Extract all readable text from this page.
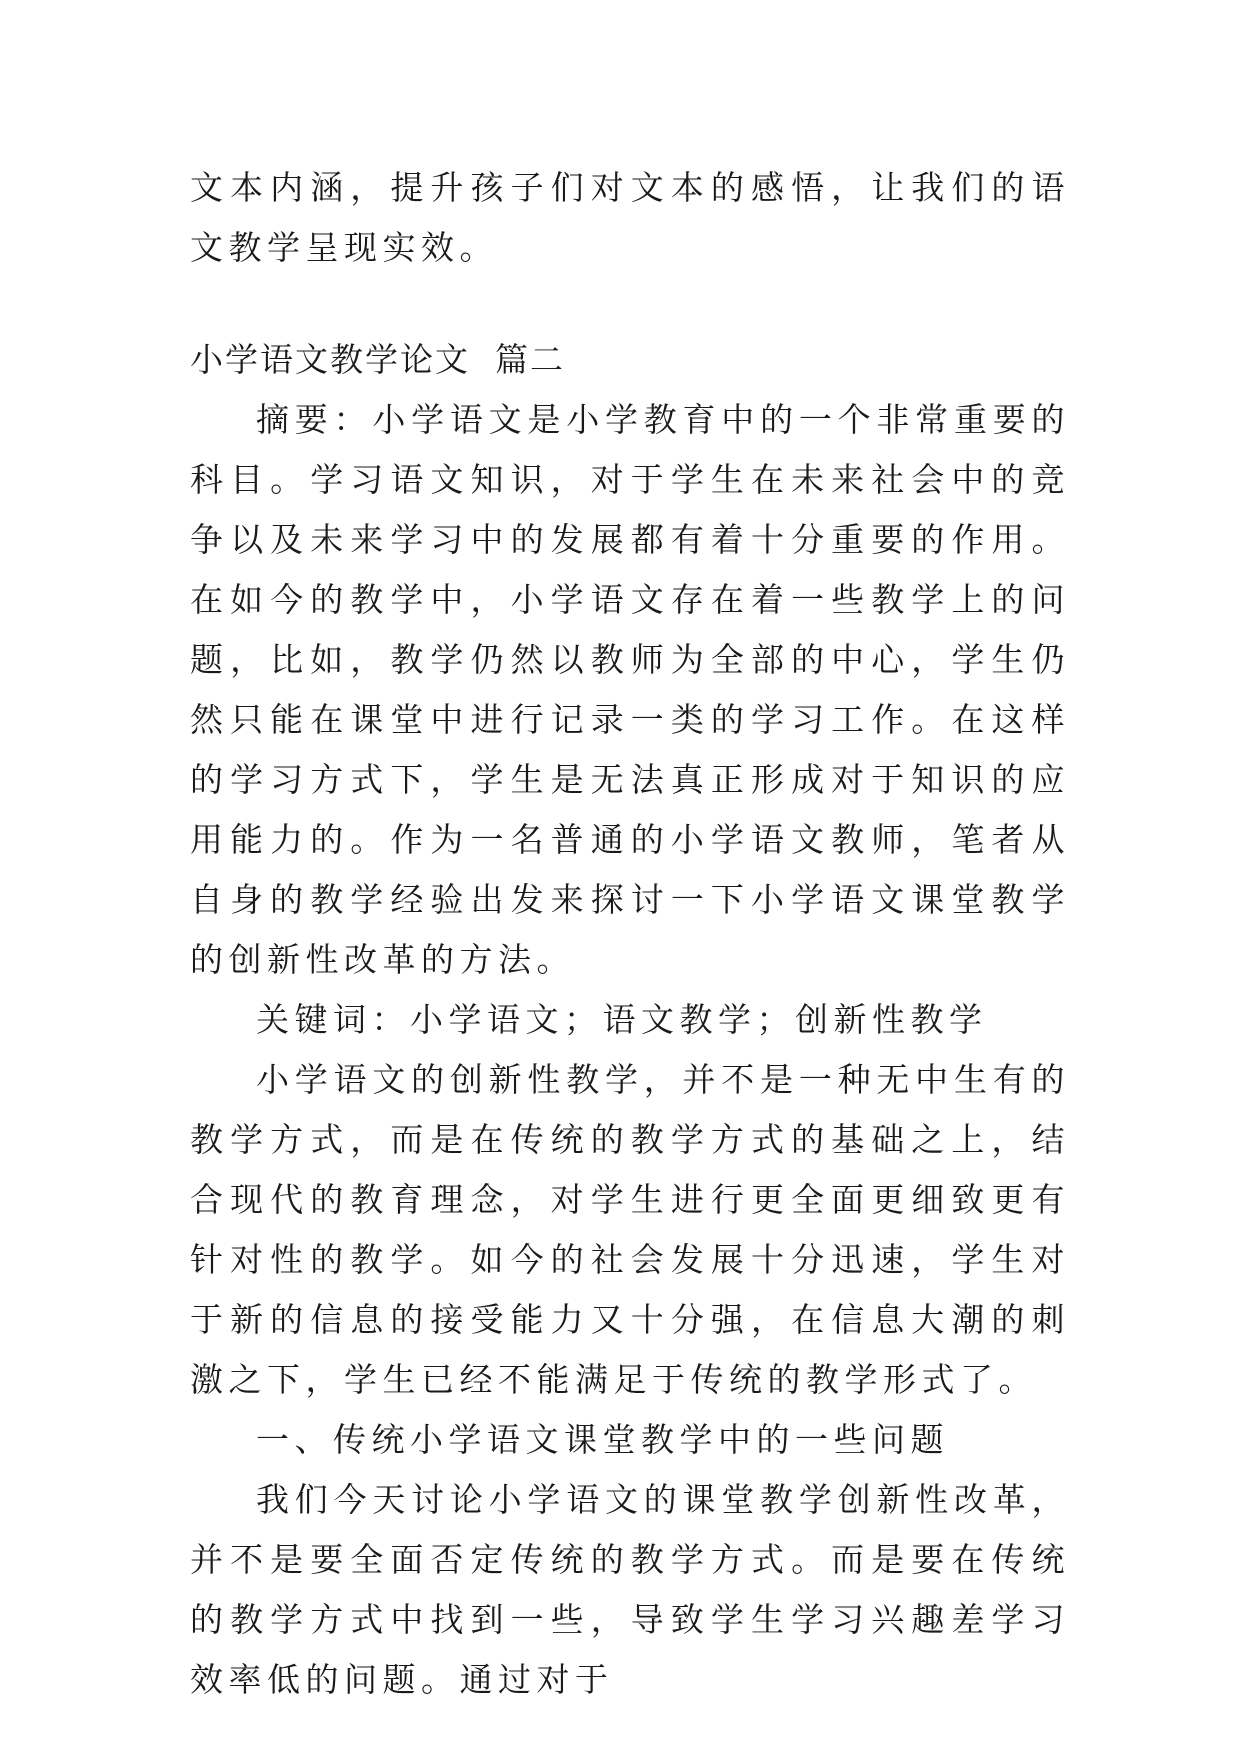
文本内涵，提升孩子们对文本的感悟，让我们的语文教学呈现实效。

小学语文教学论文  篇二

摘要：小学语文是小学教育中的一个非常重要的科目。学习语文知识，对于学生在未来社会中的竞争以及未来学习中的发展都有着十分重要的作用。在如今的教学中，小学语文存在着一些教学上的问题，比如，教学仍然以教师为全部的中心，学生仍然只能在课堂中进行记录一类的学习工作。在这样的学习方式下，学生是无法真正形成对于知识的应用能力的。作为一名普通的小学语文教师，笔者从自身的教学经验出发来探讨一下小学语文课堂教学的创新性改革的方法。

关键词：小学语文；语文教学；创新性教学

小学语文的创新性教学，并不是一种无中生有的教学方式，而是在传统的教学方式的基础之上，结合现代的教育理念，对学生进行更全面更细致更有针对性的教学。如今的社会发展十分迅速，学生对于新的信息的接受能力又十分强，在信息大潮的刺激之下，学生已经不能满足于传统的教学形式了。

一、传统小学语文课堂教学中的一些问题

我们今天讨论小学语文的课堂教学创新性改革，并不是要全面否定传统的教学方式。而是要在传统的教学方式中找到一些，导致学生学习兴趣差学习效率低的问题。通过对于
